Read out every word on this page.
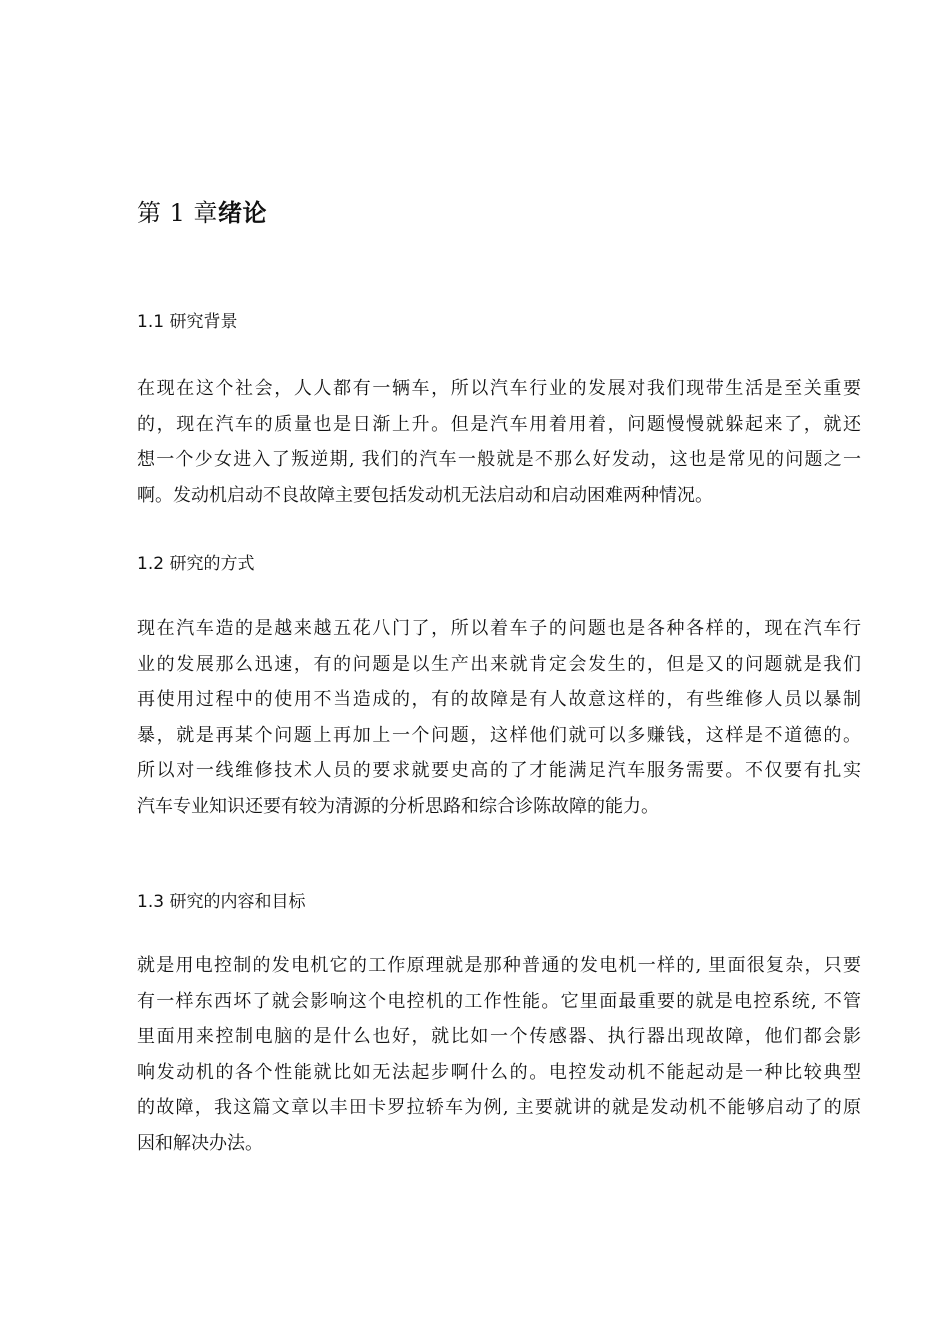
第 1 章绪论
1.1 研究背景
在现在这个社会，人人都有一辆车，所以汽车行业的发展对我们现带生活是至关重要
的，现在汽车的质量也是日渐上升。但是汽车用着用着，问题慢慢就躲起来了，就还
想一个少女进入了叛逆期, 我们的汽车一般就是不那么好发动，这也是常见的问题之一
啊。发动机启动不良故障主要包括发动机无法启动和启动困难两种情况。
1.2 研究的方式
现在汽车造的是越来越五花八门了，所以着车子的问题也是各种各样的，现在汽车行
业的发展那么迅速，有的问题是以生产出来就肯定会发生的，但是又的问题就是我们
再使用过程中的使用不当造成的，有的故障是有人故意这样的，有些维修人员以暴制
暴，就是再某个问题上再加上一个问题，这样他们就可以多赚钱，这样是不道德的。
所以对一线维修技术人员的要求就要史高的了才能满足汽车服务需要。不仅要有扎实
汽车专业知识还要有较为清源的分析思路和综合诊陈故障的能力。
1.3 研究的内容和目标
就是用电控制的发电机它的工作原理就是那种普通的发电机一样的, 里面很复杂，只要
有一样东西坏了就会影响这个电控机的工作性能。它里面最重要的就是电控系统, 不管
里面用来控制电脑的是什么也好，就比如一个传感器、执行器出现故障，他们都会影
响发动机的各个性能就比如无法起步啊什么的。电控发动机不能起动是一种比较典型
的故障，我这篇文章以丰田卡罗拉轿车为例, 主要就讲的就是发动机不能够启动了的原
因和解决办法。
